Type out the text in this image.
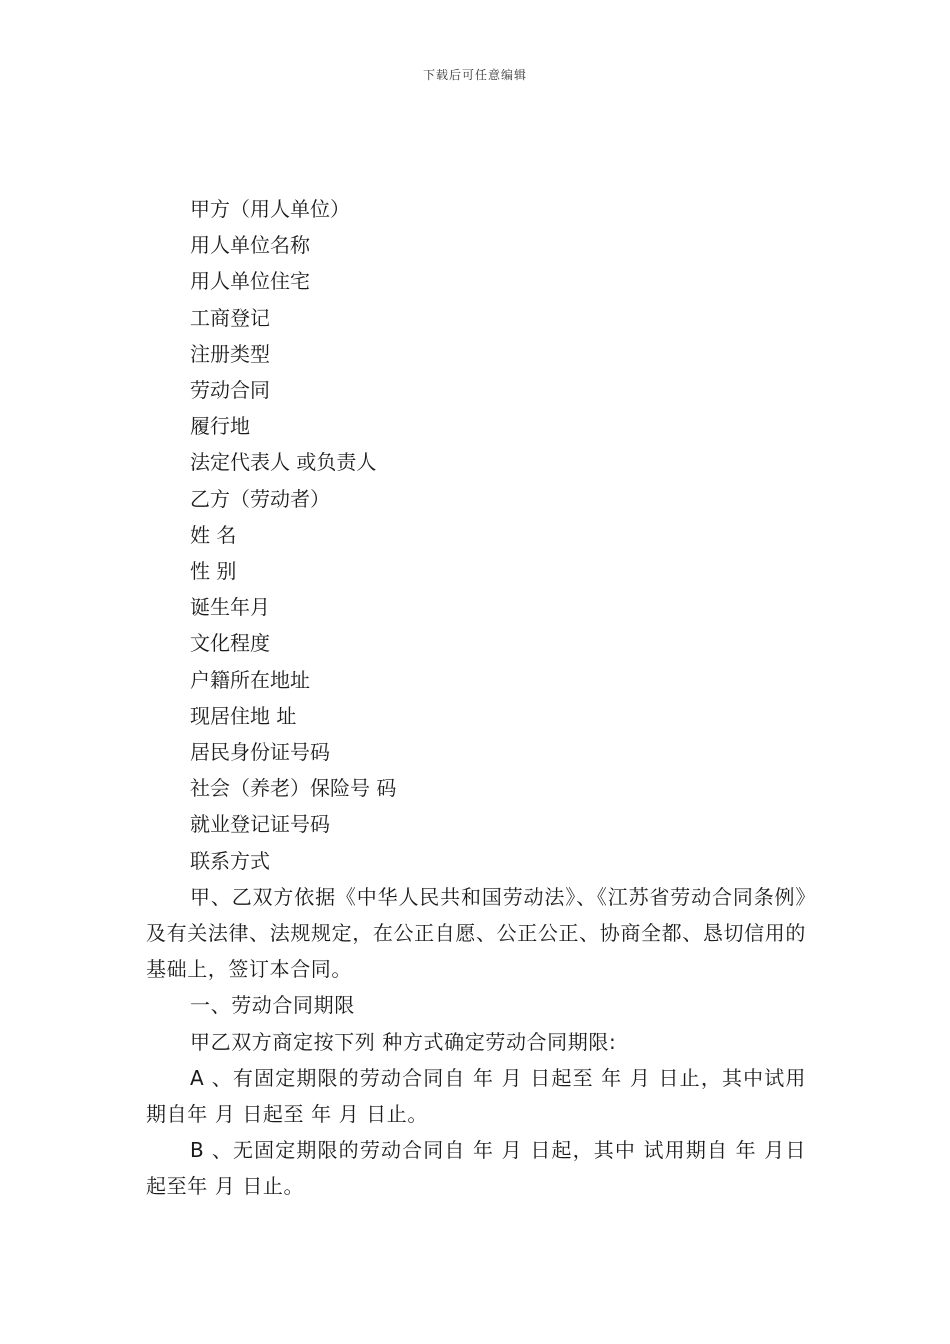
下载后可任意编辑
甲方（用人单位）
用人单位名称
用人单位住宅
工商登记
注册类型
劳动合同
履行地
法定代表人 或负责人
乙方（劳动者）
姓 名
性 别
诞生年月
文化程度
户籍所在地址
现居住地 址
居民身份证号码
社会（养老）保险号 码
就业登记证号码
联系方式

甲、乙双方依据《中华人民共和国劳动法》、《江苏省劳动合同条例》及有关法律、法规规定，在公正自愿、公正公正、协商全都、恳切信用的基础上，签订本合同。

一、劳动合同期限

甲乙双方商定按下列 种方式确定劳动合同期限:

A 、有固定期限的劳动合同自 年 月 日起至 年 月 日止，其中试用期自年 月 日起至 年 月 日止。

B 、无固定期限的劳动合同自 年 月 日起，其中 试用期自 年 月日起至年 月 日止。
